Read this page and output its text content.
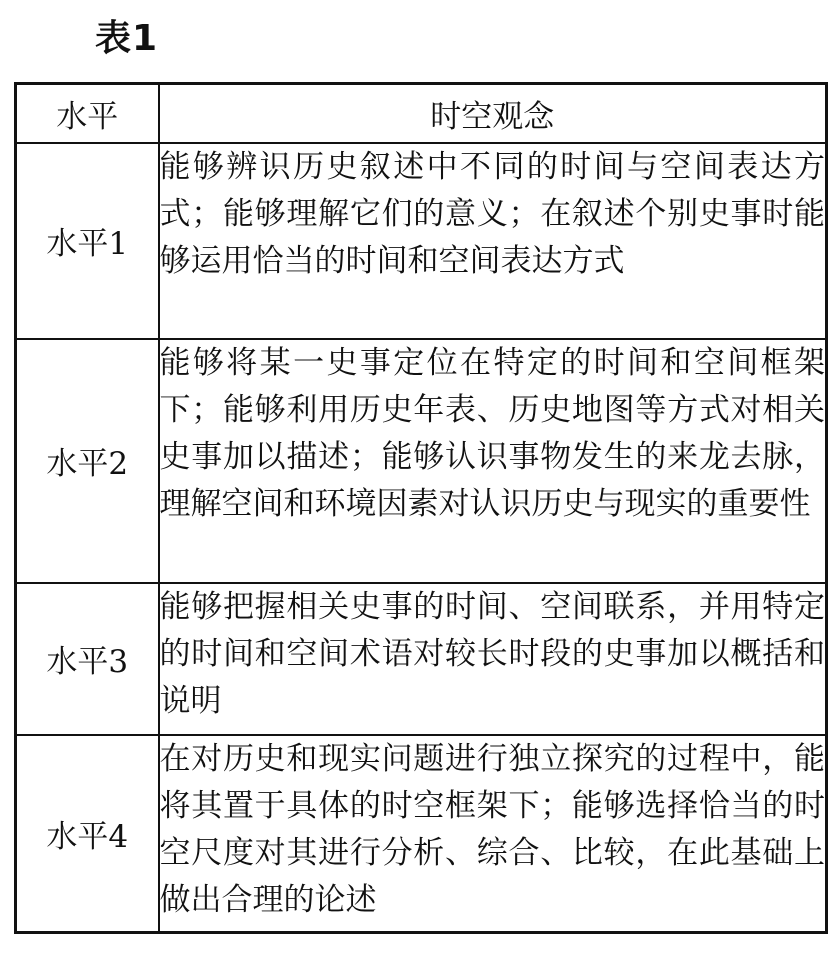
表1
水平	时空观念
水平1	能够辨识历史叙述中不同的时间与空间表达方式；能够理解它们的意义；在叙述个别史事时能够运用恰当的时间和空间表达方式
水平2	能够将某一史事定位在特定的时间和空间框架下；能够利用历史年表、历史地图等方式对相关史事加以描述；能够认识事物发生的来龙去脉，理解空间和环境因素对认识历史与现实的重要性
水平3	能够把握相关史事的时间、空间联系，并用特定的时间和空间术语对较长时段的史事加以概括和说明
水平4	在对历史和现实问题进行独立探究的过程中，能将其置于具体的时空框架下；能够选择恰当的时空尺度对其进行分析、综合、比较，在此基础上做出合理的论述
